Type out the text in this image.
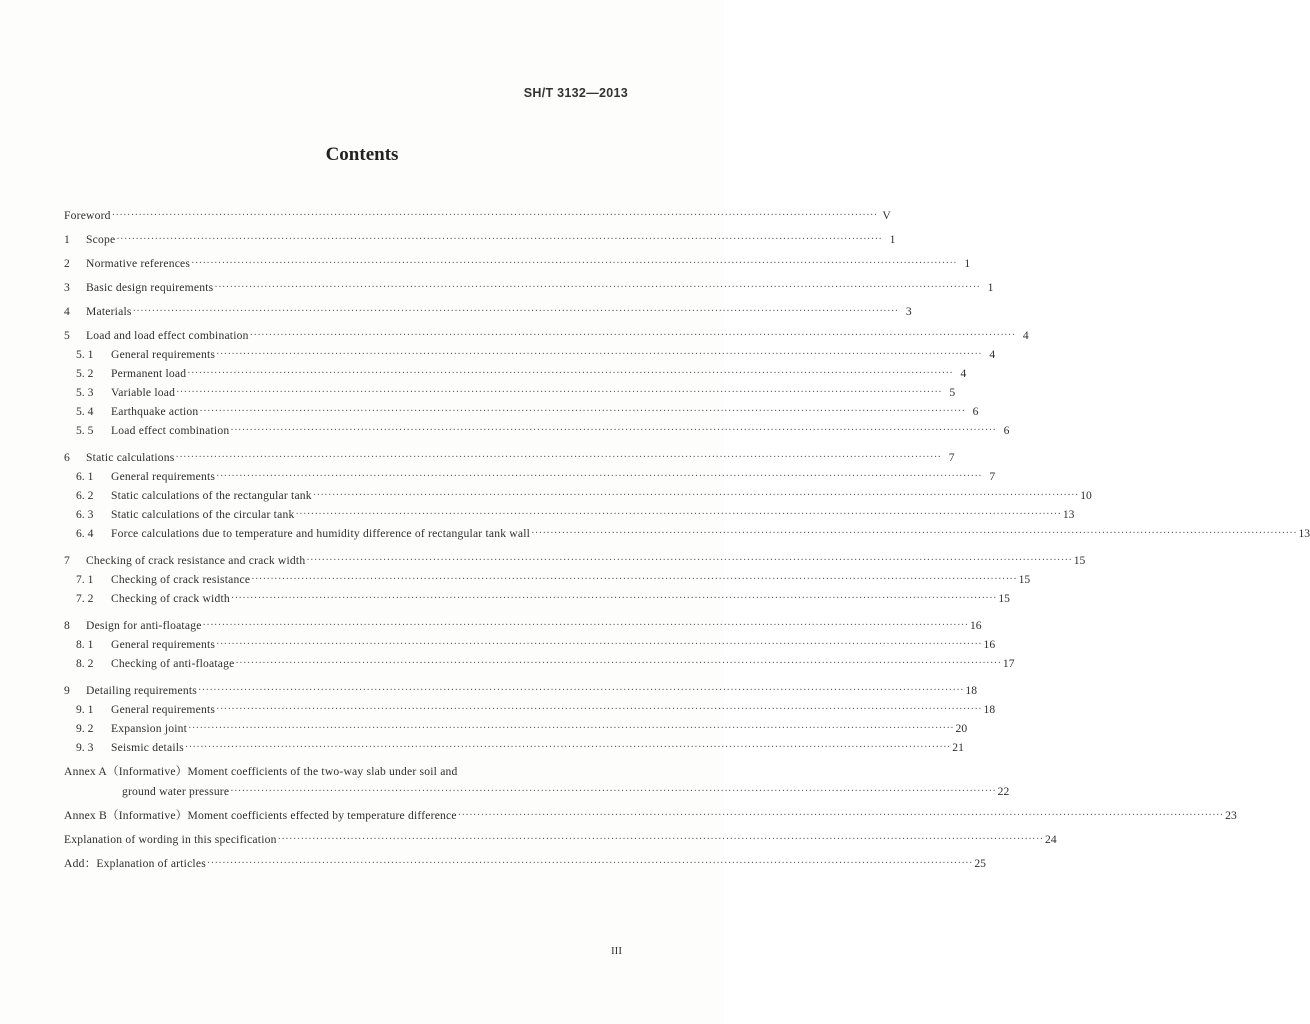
SH/T 3132—2013
Contents
Foreword ········································································································································································································ V
1	Scope ········································································································································································································ 1
2	Normative references ········································································································································································································ 1
3	Basic design requirements ········································································································································································································ 1
4	Materials ········································································································································································································ 3
5	Load and load effect combination ········································································································································································································ 4
5. 1	General requirements ········································································································································································································ 4
5. 2	Permanent load ········································································································································································································ 4
5. 3	Variable load ········································································································································································································ 5
5. 4	Earthquake action ········································································································································································································ 6
5. 5	Load effect combination ········································································································································································································ 6
6	Static calculations ········································································································································································································ 7
6. 1	General requirements ········································································································································································································ 7
6. 2	Static calculations of the rectangular tank ········································································································································································································ 10
6. 3	Static calculations of the circular tank ········································································································································································································ 13
6. 4	Force calculations due to temperature and humidity difference of rectangular tank wall ········································································································································································································ 13
7	Checking of crack resistance and crack width ········································································································································································································ 15
7. 1	Checking of crack resistance ········································································································································································································ 15
7. 2	Checking of crack width ········································································································································································································ 15
8	Design for anti-floatage ········································································································································································································ 16
8. 1	General requirements ········································································································································································································ 16
8. 2	Checking of anti-floatage ········································································································································································································ 17
9	Detailing requirements ········································································································································································································ 18
9. 1	General requirements ········································································································································································································ 18
9. 2	Expansion joint ········································································································································································································ 20
9. 3	Seismic details ········································································································································································································ 21
Annex A（Informative）Moment coefficients of the two-way slab under soil and
ground water pressure ········································································································································································································ 22
Annex B（Informative）Moment coefficients effected by temperature difference ········································································································································································································ 23
Explanation of wording in this specification ········································································································································································································ 24
Add：Explanation of articles ········································································································································································································ 25
III
